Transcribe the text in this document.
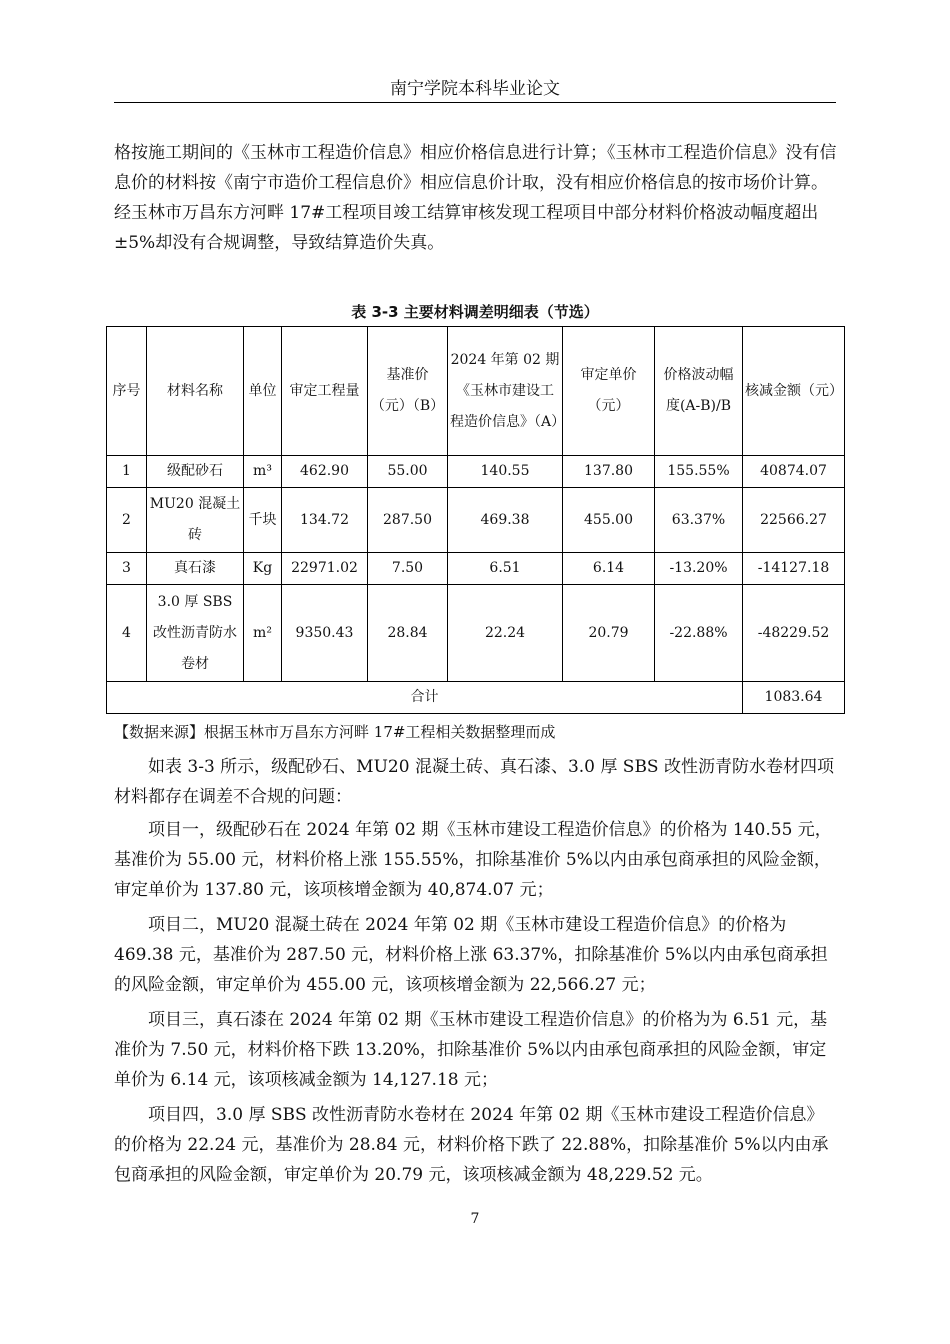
南宁学院本科毕业论文

格按施工期间的《玉林市工程造价信息》相应价格信息进行计算；《玉林市工程造价信息》没有信息价的材料按《南宁市造价工程信息价》相应信息价计取，没有相应价格信息的按市场价计算。经玉林市万昌东方河畔 17#工程项目竣工结算审核发现工程项目中部分材料价格波动幅度超出±5%却没有合规调整，导致结算造价失真。

表 3-3 主要材料调差明细表（节选）
序号	材料名称	单位	审定工程量	基准价（元）（B）	2024 年第 02 期《玉林市建设工程造价信息》（A）	审定单价（元）	价格波动幅度(A-B)/B	核减金额（元）
1	级配砂石	m³	462.90	55.00	140.55	137.80	155.55%	40874.07
2	MU20 混凝土砖	千块	134.72	287.50	469.38	455.00	63.37%	22566.27
3	真石漆	Kg	22971.02	7.50	6.51	6.14	-13.20%	-14127.18
4	3.0 厚 SBS 改性沥青防水卷材	m²	9350.43	28.84	22.24	20.79	-22.88%	-48229.52
合计								1083.64
【数据来源】根据玉林市万昌东方河畔 17#工程相关数据整理而成

如表 3-3 所示，级配砂石、MU20 混凝土砖、真石漆、3.0 厚 SBS 改性沥青防水卷材四项材料都存在调差不合规的问题：

项目一，级配砂石在 2024 年第 02 期《玉林市建设工程造价信息》的价格为 140.55 元，基准价为 55.00 元，材料价格上涨 155.55%，扣除基准价 5%以内由承包商承担的风险金额，审定单价为 137.80 元，该项核增金额为 40,874.07 元；

项目二，MU20 混凝土砖在 2024 年第 02 期《玉林市建设工程造价信息》的价格为 469.38 元，基准价为 287.50 元，材料价格上涨 63.37%，扣除基准价 5%以内由承包商承担的风险金额，审定单价为 455.00 元，该项核增金额为 22,566.27 元；

项目三，真石漆在 2024 年第 02 期《玉林市建设工程造价信息》的价格为为 6.51 元，基准价为 7.50 元，材料价格下跌 13.20%，扣除基准价 5%以内由承包商承担的风险金额，审定单价为 6.14 元，该项核减金额为 14,127.18 元；

项目四，3.0 厚 SBS 改性沥青防水卷材在 2024 年第 02 期《玉林市建设工程造价信息》的价格为 22.24 元，基准价为 28.84 元，材料价格下跌了 22.88%，扣除基准价 5%以内由承包商承担的风险金额，审定单价为 20.79 元，该项核减金额为 48,229.52 元。

7
